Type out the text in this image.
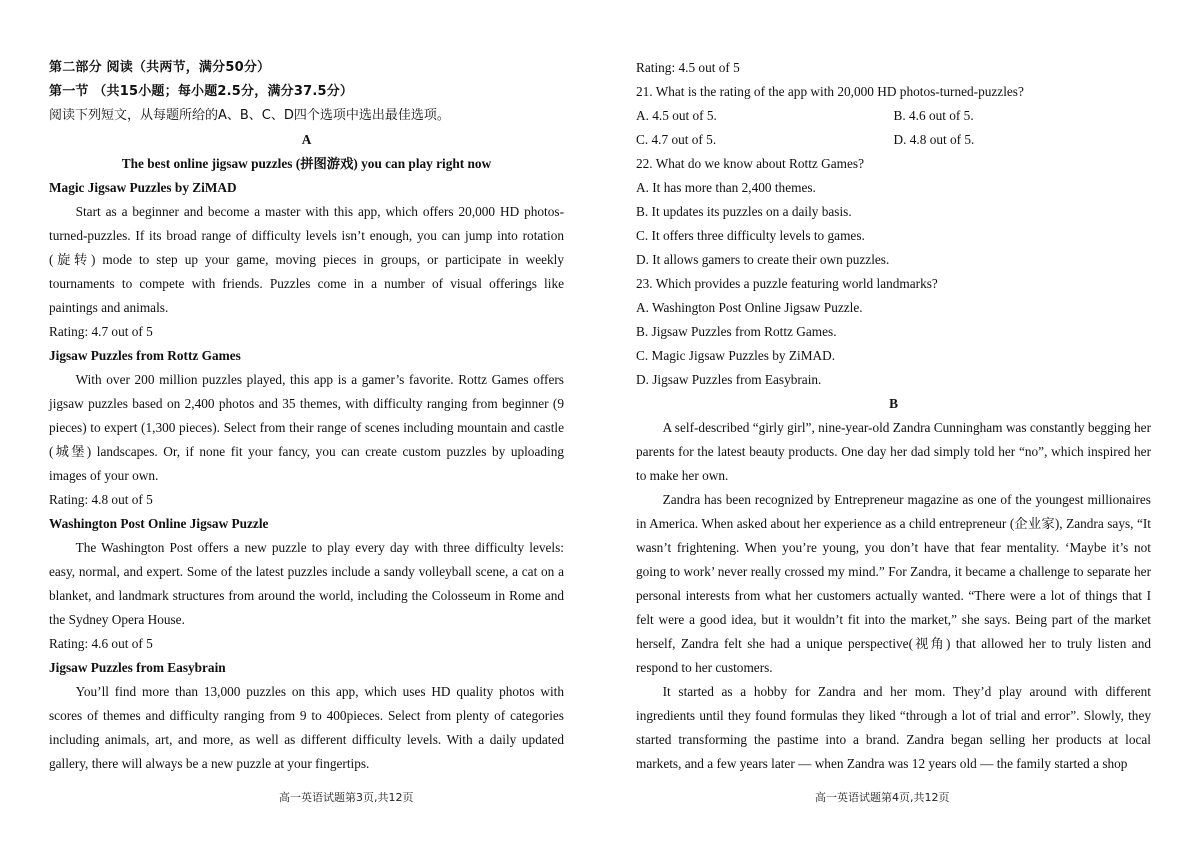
第二部分 阅读（共两节，满分50分）
第一节 （共15小题；每小题2.5分，满分37.5分）
阅读下列短文，从每题所给的A、B、C、D四个选项中选出最佳选项。
A
The best online jigsaw puzzles (拼图游戏) you can play right now
Magic Jigsaw Puzzles by ZiMAD
Start as a beginner and become a master with this app, which offers 20,000 HD photos-turned-puzzles. If its broad range of difficulty levels isn’t enough, you can jump into rotation (旋转) mode to step up your game, moving pieces in groups, or participate in weekly tournaments to compete with friends. Puzzles come in a number of visual offerings like paintings and animals.
Rating: 4.7 out of 5
Jigsaw Puzzles from Rottz Games
With over 200 million puzzles played, this app is a gamer’s favorite. Rottz Games offers jigsaw puzzles based on 2,400 photos and 35 themes, with difficulty ranging from beginner (9 pieces) to expert (1,300 pieces). Select from their range of scenes including mountain and castle (城堡) landscapes. Or, if none fit your fancy, you can create custom puzzles by uploading images of your own.
Rating: 4.8 out of 5
Washington Post Online Jigsaw Puzzle
The Washington Post offers a new puzzle to play every day with three difficulty levels: easy, normal, and expert. Some of the latest puzzles include a sandy volleyball scene, a cat on a blanket, and landmark structures from around the world, including the Colosseum in Rome and the Sydney Opera House.
Rating: 4.6 out of 5
Jigsaw Puzzles from Easybrain
You’ll find more than 13,000 puzzles on this app, which uses HD quality photos with scores of themes and difficulty ranging from 9 to 400pieces. Select from plenty of categories including animals, art, and more, as well as different difficulty levels. With a daily updated gallery, there will always be a new puzzle at your fingertips.
Rating: 4.5 out of 5
21. What is the rating of the app with 20,000 HD photos-turned-puzzles?
A. 4.5 out of 5.	B. 4.6 out of 5.
C. 4.7 out of 5.	D. 4.8 out of 5.
22. What do we know about Rottz Games?
A. It has more than 2,400 themes.
B. It updates its puzzles on a daily basis.
C. It offers three difficulty levels to games.
D. It allows gamers to create their own puzzles.
23. Which provides a puzzle featuring world landmarks?
A. Washington Post Online Jigsaw Puzzle.
B. Jigsaw Puzzles from Rottz Games.
C. Magic Jigsaw Puzzles by ZiMAD.
D. Jigsaw Puzzles from Easybrain.
B
A self-described “girly girl”, nine-year-old Zandra Cunningham was constantly begging her parents for the latest beauty products. One day her dad simply told her “no”, which inspired her to make her own.
Zandra has been recognized by Entrepreneur magazine as one of the youngest millionaires in America. When asked about her experience as a child entrepreneur (企业家), Zandra says, “It wasn’t frightening. When you’re young, you don’t have that fear mentality. ‘Maybe it’s not going to work’ never really crossed my mind.” For Zandra, it became a challenge to separate her personal interests from what her customers actually wanted. “There were a lot of things that I felt were a good idea, but it wouldn’t fit into the market,” she says. Being part of the market herself, Zandra felt she had a unique perspective(视角) that allowed her to truly listen and respond to her customers.
It started as a hobby for Zandra and her mom. They’d play around with different ingredients until they found formulas they liked “through a lot of trial and error”. Slowly, they started transforming the pastime into a brand. Zandra began selling her products at local markets, and a few years later — when Zandra was 12 years old — the family started a shop
高一英语试题第3页,共12页	高一英语试题第4页,共12页
